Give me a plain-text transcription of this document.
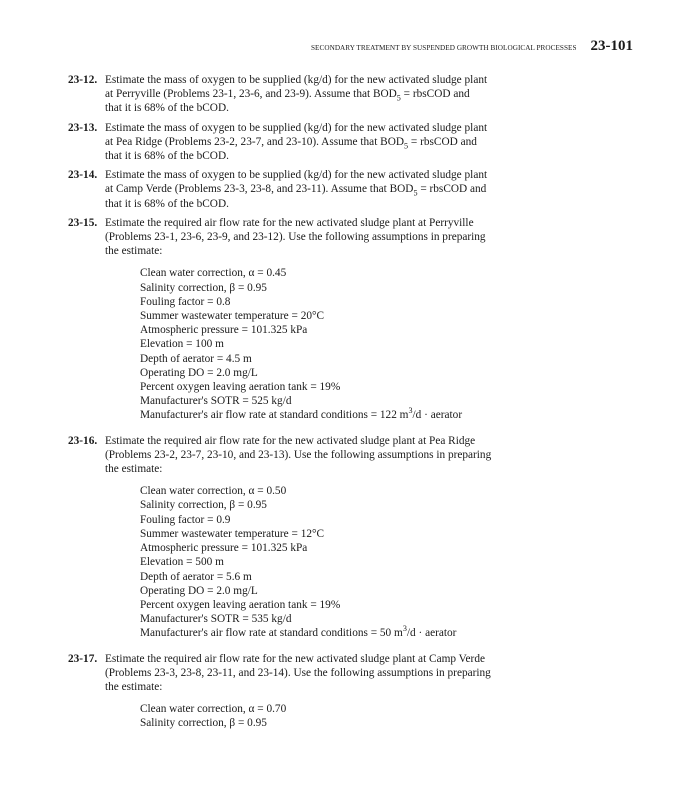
SECONDARY TREATMENT BY SUSPENDED GROWTH BIOLOGICAL PROCESSES 23-101
23-12. Estimate the mass of oxygen to be supplied (kg/d) for the new activated sludge plant
at Perryville (Problems 23-1, 23-6, and 23-9). Assume that $BOD_5$ = rbsCOD and
that it is 68% of the bCOD.
23-13. Estimate the mass of oxygen to be supplied (kg/d) for the new activated sludge plant
at Pea Ridge (Problems 23-2, 23-7, and 23-10). Assume that $BOD_5$ = rbsCOD and
that it is 68% of the bCOD.
23-14. Estimate the mass of oxygen to be supplied (kg/d) for the new activated sludge plant
at Camp Verde (Problems 23-3, 23-8, and 23-11). Assume that $BOD_5$ = rbsCOD and
that it is 68% of the bCOD.
23-15. Estimate the required air flow rate for the new activated sludge plant at Perryville
(Problems 23-1, 23-6, 23-9, and 23-12). Use the following assumptions in preparing
the estimate:
Clean water correction, α = 0.45
Salinity correction, β = 0.95
Fouling factor = 0.8
Summer wastewater temperature = 20°C
Atmospheric pressure = 101.325 kPa
Elevation = 100 m
Depth of aerator = 4.5 m
Operating DO = 2.0 mg/L
Percent oxygen leaving aeration tank = 19%
Manufacturer's SOTR = 525 kg/d
Manufacturer's air flow rate at standard conditions = 122 $m^3/d$ · aerator
23-16. Estimate the required air flow rate for the new activated sludge plant at Pea Ridge
(Problems 23-2, 23-7, 23-10, and 23-13). Use the following assumptions in preparing
the estimate:
Clean water correction, α = 0.50
Salinity correction, β = 0.95
Fouling factor = 0.9
Summer wastewater temperature = 12°C
Atmospheric pressure = 101.325 kPa
Elevation = 500 m
Depth of aerator = 5.6 m
Operating DO = 2.0 mg/L
Percent oxygen leaving aeration tank = 19%
Manufacturer's SOTR = 535 kg/d
Manufacturer's air flow rate at standard conditions = 50 $m^3/d$ · aerator
23-17. Estimate the required air flow rate for the new activated sludge plant at Camp Verde
(Problems 23-3, 23-8, 23-11, and 23-14). Use the following assumptions in preparing
the estimate:
Clean water correction, α = 0.70
Salinity correction, β = 0.95
